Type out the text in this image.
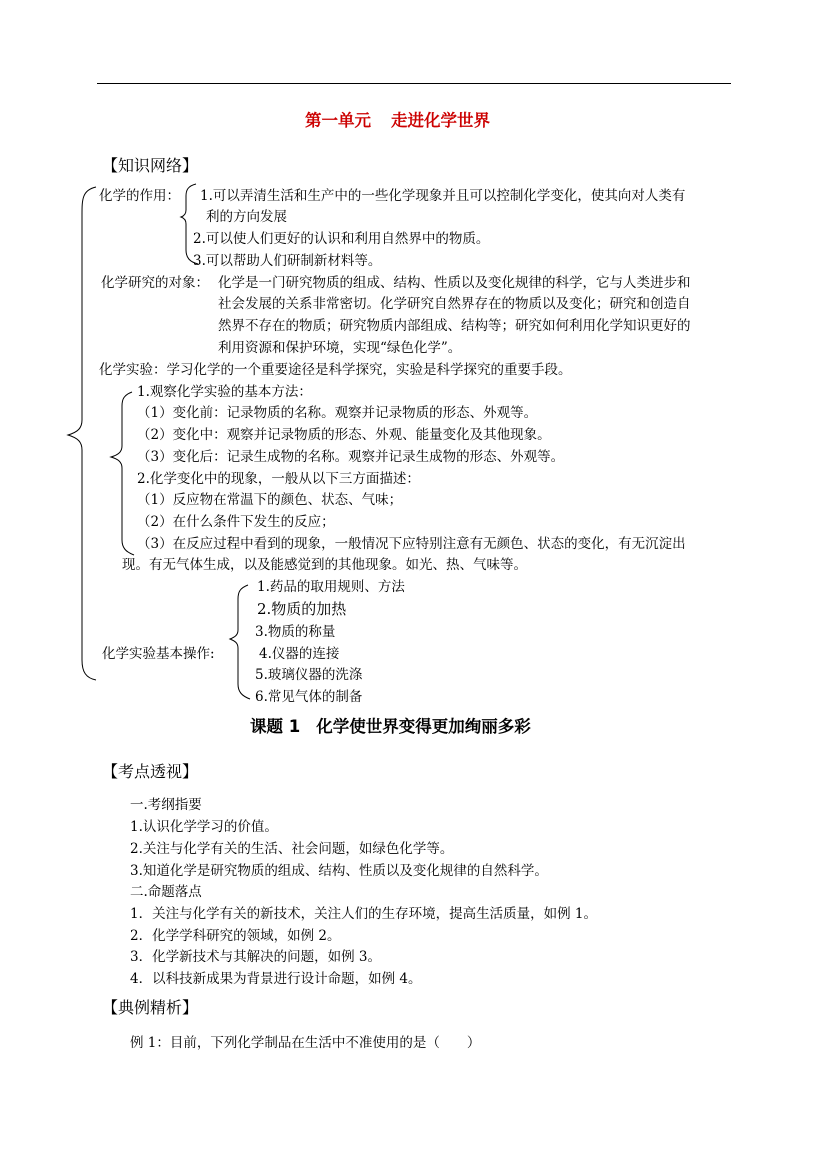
第一单元 走进化学世界
【知识网络】
化学的作用： 1.可以弄清生活和生产中的一些化学现象并且可以控制化学变化，使其向对人类有
利的方向发展
2.可以使人们更好的认识和利用自然界中的物质。
3.可以帮助人们研制新材料等。
化学研究的对象： 化学是一门研究物质的组成、结构、性质以及变化规律的科学，它与人类进步和
社会发展的关系非常密切。化学研究自然界存在的物质以及变化；研究和创造自
然界不存在的物质；研究物质内部组成、结构等；研究如何利用化学知识更好的
利用资源和保护环境，实现“绿色化学”。
化学实验：学习化学的一个重要途径是科学探究，实验是科学探究的重要手段。
1.观察化学实验的基本方法：
（1）变化前：记录物质的名称。观察并记录物质的形态、外观等。
（2）变化中：观察并记录物质的形态、外观、能量变化及其他现象。
（3）变化后：记录生成物的名称。观察并记录生成物的形态、外观等。
2.化学变化中的现象，一般从以下三方面描述：
（1）反应物在常温下的颜色、状态、气味；
（2）在什么条件下发生的反应；
（3）在反应过程中看到的现象，一般情况下应特别注意有无颜色、状态的变化，有无沉淀出
现。有无气体生成，以及能感觉到的其他现象。如光、热、气味等。
化学实验基本操作:
1.药品的取用规则、方法
2.物质的加热
3.物质的称量
4.仪器的连接
5.玻璃仪器的洗涤
6.常见气体的制备
课题 1 化学使世界变得更加绚丽多彩
【考点透视】
一.考纲指要
1.认识化学学习的价值。
2.关注与化学有关的生活、社会问题，如绿色化学等。
3.知道化学是研究物质的组成、结构、性质以及变化规律的自然科学。
二.命题落点
1．关注与化学有关的新技术，关注人们的生存环境，提高生活质量，如例 1。
2．化学学科研究的领域，如例 2。
3．化学新技术与其解决的问题，如例 3。
4．以科技新成果为背景进行设计命题，如例 4。
【典例精析】
例 1：目前，下列化学制品在生活中不准使用的是（　　）
